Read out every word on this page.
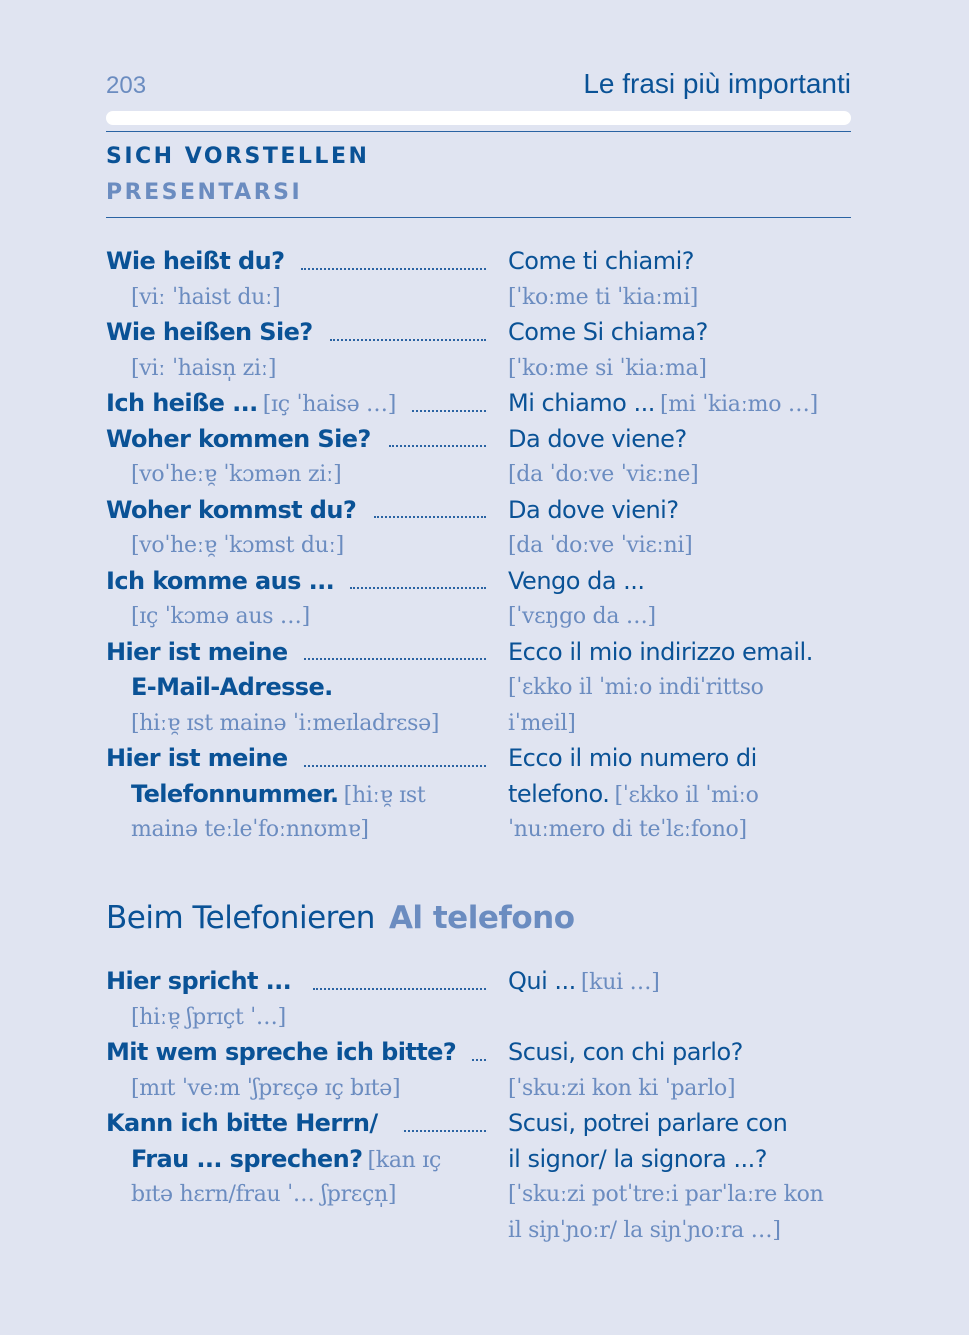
203	Le frasi più importanti
SICH VORSTELLEN
PRESENTARSI
Wie heißt du?
[viː ˈhaist duː]
Come ti chiami?
[ˈkoːme ti ˈkiaːmi]
Wie heißen Sie?
[viː ˈhaisn̩ ziː]
Come Si chiama?
[ˈkoːme si ˈkiaːma]
Ich heiße ... [ɪç ˈhaisə …]	Mi chiamo ... [mi ˈkiaːmo …]
Woher kommen Sie?
[voˈheːɐ̯ ˈkɔmən ziː]
Da dove viene?
[da ˈdoːve ˈviɛːne]
Woher kommst du?
[voˈheːɐ̯ ˈkɔmst duː]
Da dove vieni?
[da ˈdoːve ˈviɛːni]
Ich komme aus ...
[ɪç ˈkɔmə aus …]
Vengo da ...
[ˈvɛŋgo da …]
Hier ist meine
E-Mail-Adresse.
[hiːɐ̯ ɪst mainə ˈiːmeɪladrɛsə]
Ecco il mio indirizzo email.
[ˈɛkko il ˈmiːo indiˈrittso
iˈmeil]
Hier ist meine
Telefonnummer. [hiːɐ̯ ɪst
mainə teːleˈfoːnnʊmɐ]
Ecco il mio numero di
telefono. [ˈɛkko il ˈmiːo
ˈnuːmero di teˈlɛːfono]
Beim Telefonieren Al telefono
Hier spricht ...
[hiːɐ̯ ʃprɪçt ˈ…]
Qui ... [kui …]
Mit wem spreche ich bitte?
[mɪt ˈveːm ˈʃprɛçə ɪç bɪtə]
Scusi, con chi parlo?
[ˈskuːzi kon ki ˈparlo]
Kann ich bitte Herrn/
Frau ... sprechen? [kan ɪç
bɪtə hɛrn/frau ˈ… ʃprɛçn̩]
Scusi, potrei parlare con
il signor/ la signora ...?
[ˈskuːzi potˈtreːi parˈlaːre kon
il siɲˈɲoːr/ la siɲˈɲoːra …]
